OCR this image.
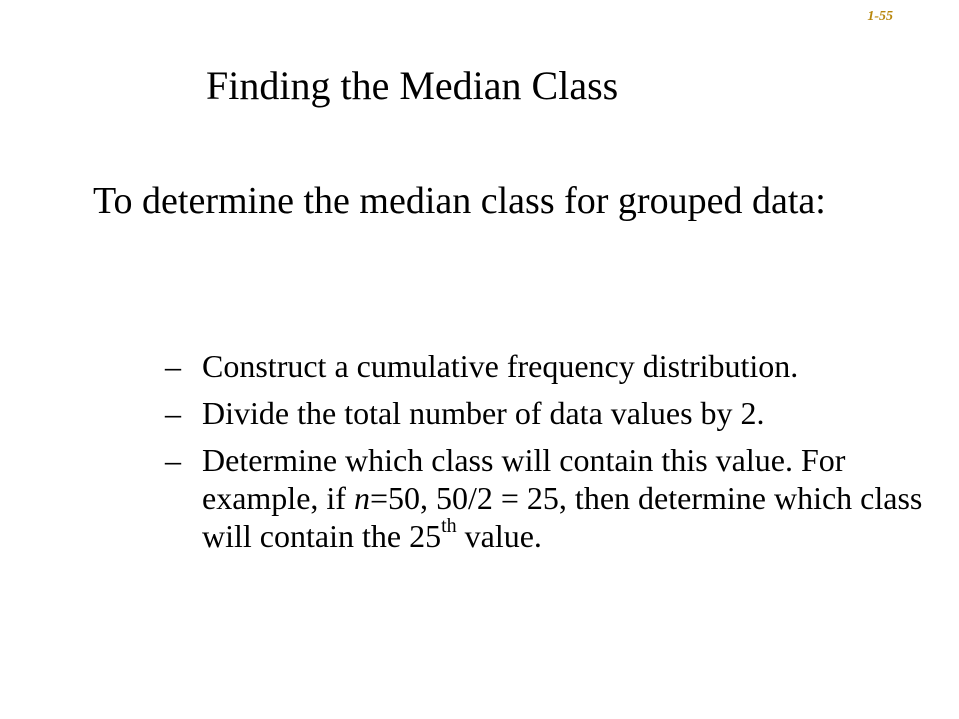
1-55
Finding the Median Class
To determine the median class for grouped data:
– Construct a cumulative frequency distribution.
– Divide the total number of data values by 2.
– Determine which class will contain this value. For example, if n=50, 50/2 = 25, then determine which class will contain the 25th value.
